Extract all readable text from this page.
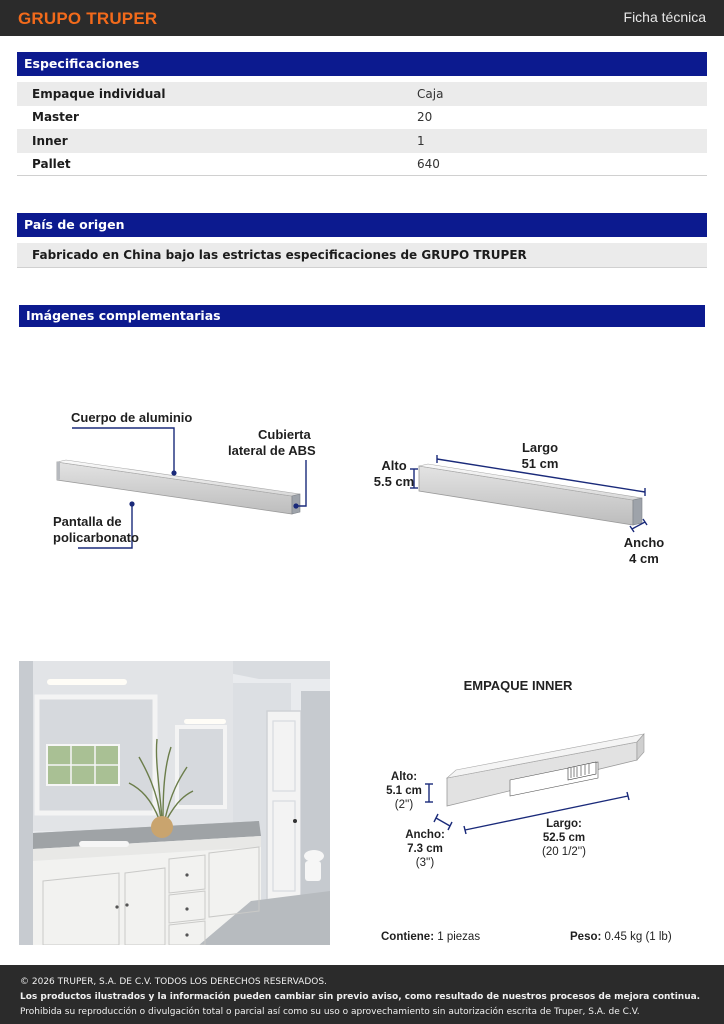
GRUPO TRUPER	Ficha técnica
Especificaciones
Empaque individual	Caja
Master	20
Inner	1
Pallet	640
País de origen
Fabricado en China bajo las estrictas especificaciones de GRUPO TRUPER
Imágenes complementarias
Cuerpo de aluminio
Cubierta
lateral de ABS
Pantalla de
policarbonato
Largo
51 cm
Alto
5.5 cm
Ancho
4 cm
EMPAQUE INNER
Alto:
5.1 cm
(2'')
Ancho:
7.3 cm
(3'')
Largo:
52.5 cm
(20 1/2'')
Contiene: 1 piezas	Peso: 0.45 kg (1 lb)
© 2026 TRUPER, S.A. DE C.V. TODOS LOS DERECHOS RESERVADOS.
Los productos ilustrados y la información pueden cambiar sin previo aviso, como resultado de nuestros procesos de mejora continua.
Prohibida su reproducción o divulgación total o parcial así como su uso o aprovechamiento sin autorización escrita de Truper, S.A. de C.V.
